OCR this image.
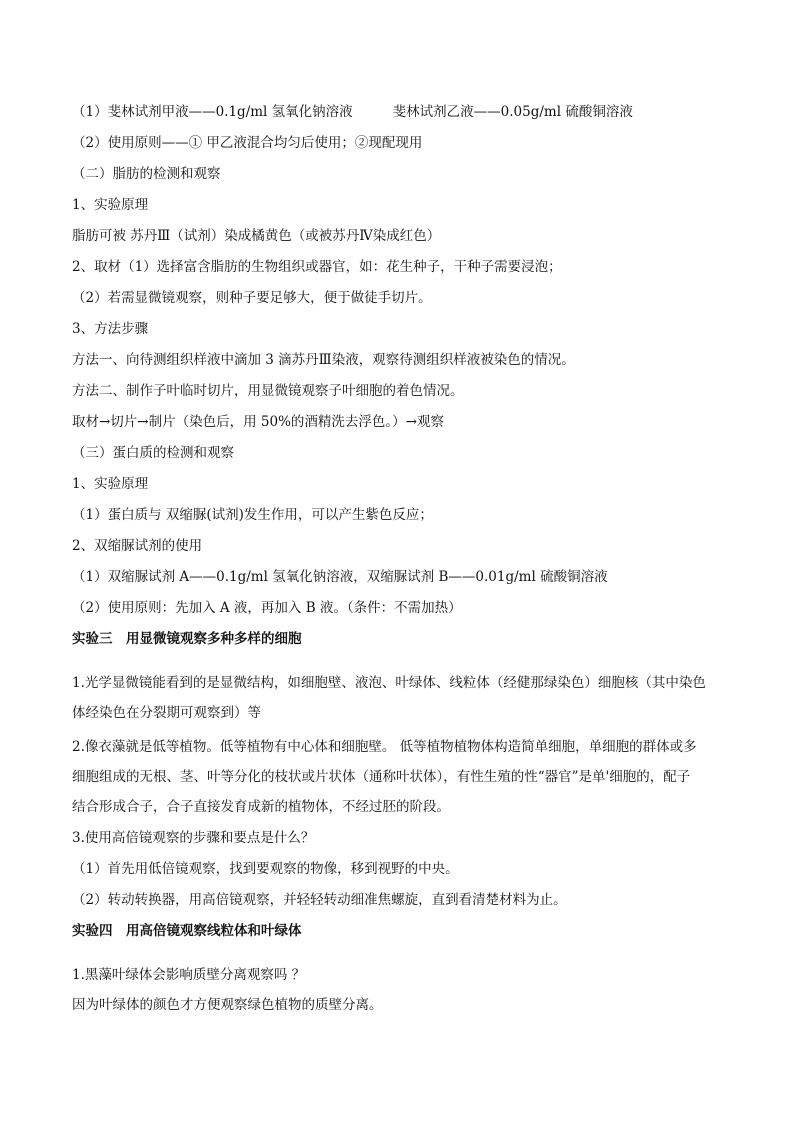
（1）斐林试剂甲液——0.1g/ml 氢氧化钠溶液	斐林试剂乙液——0.05g/ml 硫酸铜溶液
（2）使用原则——① 甲乙液混合均匀后使用；②现配现用
（二）脂肪的检测和观察
1、实验原理
脂肪可被 苏丹Ⅲ（试剂）染成橘黄色（或被苏丹Ⅳ染成红色）
2、取材（1）选择富含脂肪的生物组织或器官，如：花生种子，干种子需要浸泡；
（2）若需显微镜观察，则种子要足够大，便于做徒手切片。
3、方法步骤
方法一、向待测组织样液中滴加 3 滴苏丹Ⅲ染液，观察待测组织样液被染色的情况。
方法二、制作子叶临时切片，用显微镜观察子叶细胞的着色情况。
取材→切片→制片（染色后，用 50%的酒精洗去浮色。）→观察
（三）蛋白质的检测和观察
1、实验原理
（1）蛋白质与 双缩脲(试剂)发生作用，可以产生紫色反应；
2、双缩脲试剂的使用
（1）双缩脲试剂 A——0.1g/ml 氢氧化钠溶液，双缩脲试剂 B——0.01g/ml 硫酸铜溶液
（2）使用原则：先加入 A 液，再加入 B 液。（条件：不需加热）
实验三　用显微镜观察多种多样的细胞
1.光学显微镜能看到的是显微结构，如细胞壁、液泡、叶绿体、线粒体（经健那绿染色）细胞核（其中染色
体经染色在分裂期可观察到）等
2.像衣藻就是低等植物。低等植物有中心体和细胞壁。 低等植物植物体构造简单细胞，单细胞的群体或多
细胞组成的无根、茎、叶等分化的枝状或片状体（通称叶状体），有性生殖的性“器官”是单'细胞的，配子
结合形成合子，合子直接发育成新的植物体，不经过胚的阶段。
3.使用高倍镜观察的步骤和要点是什么？
（1）首先用低倍镜观察，找到要观察的物像，移到视野的中央。
（2）转动转换器，用高倍镜观察，并轻轻转动细准焦螺旋，直到看清楚材料为止。
实验四　用高倍镜观察线粒体和叶绿体
1.黑藻叶绿体会影响质壁分离观察吗 ？
因为叶绿体的颜色才方便观察绿色植物的质壁分离。
